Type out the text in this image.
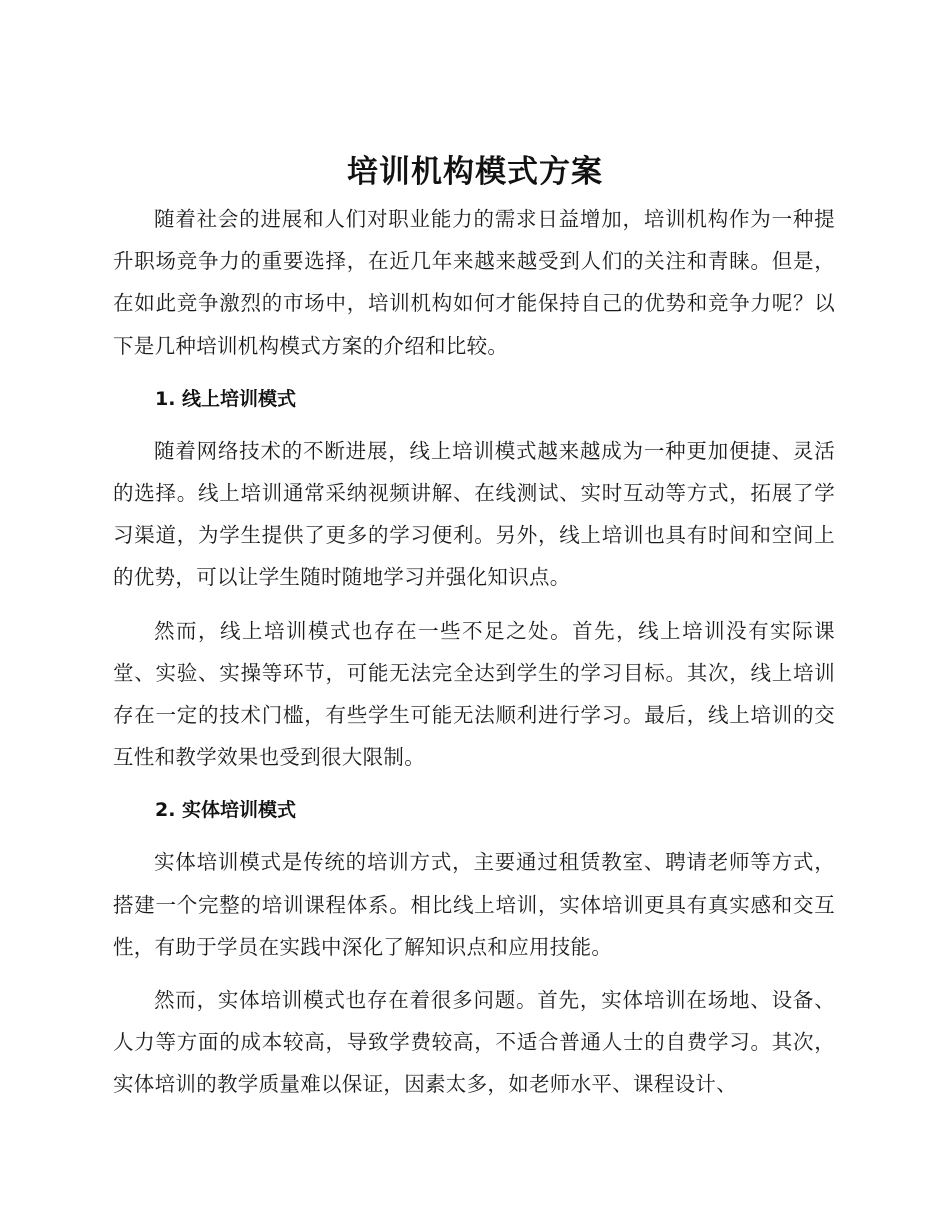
培训机构模式方案

随着社会的进展和人们对职业能力的需求日益增加，培训机构作为一种提升职场竞争力的重要选择，在近几年来越来越受到人们的关注和青睐。但是，在如此竞争激烈的市场中，培训机构如何才能保持自己的优势和竞争力呢？以下是几种培训机构模式方案的介绍和比较。

1. 线上培训模式

随着网络技术的不断进展，线上培训模式越来越成为一种更加便捷、灵活的选择。线上培训通常采纳视频讲解、在线测试、实时互动等方式，拓展了学习渠道，为学生提供了更多的学习便利。另外，线上培训也具有时间和空间上的优势，可以让学生随时随地学习并强化知识点。

然而，线上培训模式也存在一些不足之处。首先，线上培训没有实际课堂、实验、实操等环节，可能无法完全达到学生的学习目标。其次，线上培训存在一定的技术门槛，有些学生可能无法顺利进行学习。最后，线上培训的交互性和教学效果也受到很大限制。

2. 实体培训模式

实体培训模式是传统的培训方式，主要通过租赁教室、聘请老师等方式，搭建一个完整的培训课程体系。相比线上培训，实体培训更具有真实感和交互性，有助于学员在实践中深化了解知识点和应用技能。

然而，实体培训模式也存在着很多问题。首先，实体培训在场地、设备、人力等方面的成本较高，导致学费较高，不适合普通人士的自费学习。其次，实体培训的教学质量难以保证，因素太多，如老师水平、课程设计、
